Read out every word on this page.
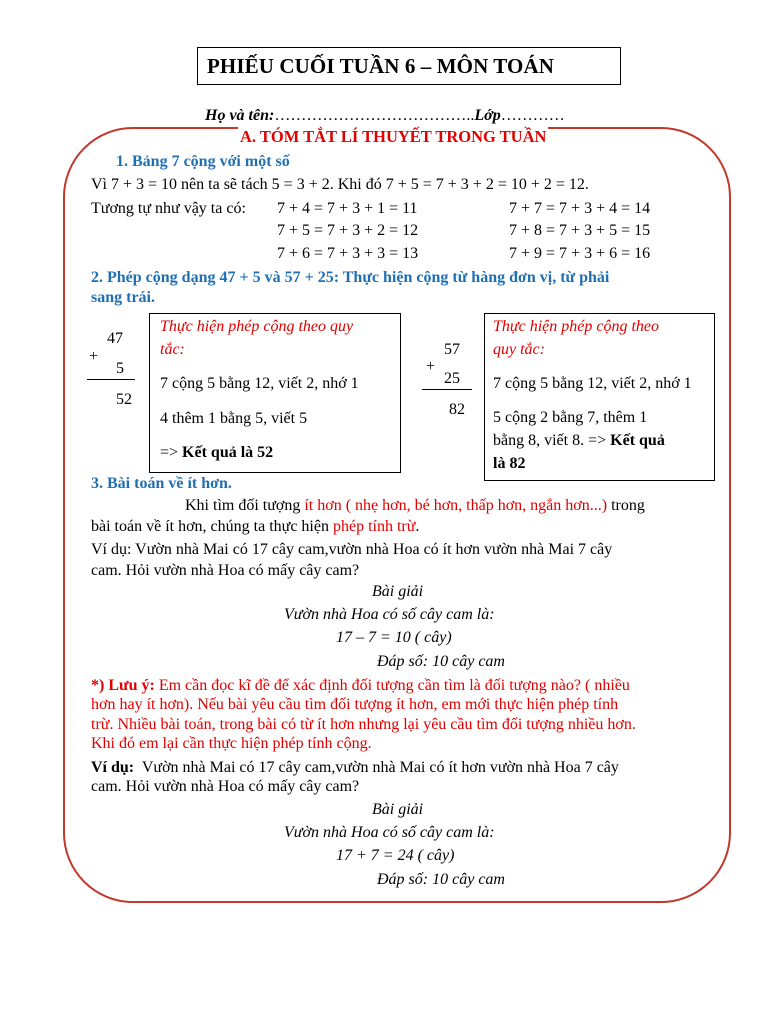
PHIẾU CUỐI TUẦN 6 – MÔN TOÁN
Họ và tên:………………………………..Lớp…………
A. TÓM TẮT LÍ THUYẾT TRONG TUẦN
1. Bảng 7 cộng với một số
Vì 7 + 3 = 10 nên ta sẽ tách 5 = 3 + 2. Khi đó 7 + 5 = 7 + 3 + 2 = 10 + 2 = 12.
Tương tự như vậy ta có: 7 + 4 = 7 + 3 + 1 = 11
7 + 5 = 7 + 3 + 2 = 12
7 + 6 = 7 + 3 + 3 = 13
7 + 7 = 7 + 3 + 4 = 14
7 + 8 = 7 + 3 + 5 = 15
7 + 9 = 7 + 3 + 6 = 16
2. Phép cộng dạng 47 + 5 và 57 + 25: Thực hiện cộng từ hàng đơn vị, từ phải
sang trái.
47
+
5
52
Thực hiện phép cộng theo quy
tắc:
7 cộng 5 bằng 12, viết 2, nhớ 1
4 thêm 1 bằng 5, viết 5
=> Kết quả là 52
57
+
25
82
Thực hiện phép cộng theo
quy tắc:
7 cộng 5 bằng 12, viết 2, nhớ 1
5 cộng 2 bằng 7, thêm 1
bằng 8, viết 8. => Kết quả
là 82
3. Bài toán về ít hơn.
Khi tìm đối tượng ít hơn ( nhẹ hơn, bé hơn, thấp hơn, ngắn hơn...) trong
bài toán về ít hơn, chúng ta thực hiện phép tính trừ.
Ví dụ: Vườn nhà Mai có 17 cây cam,vườn nhà Hoa có ít hơn vườn nhà Mai 7 cây
cam. Hỏi vườn nhà Hoa có mấy cây cam?
Bài giải
Vườn nhà Hoa có số cây cam là:
17 – 7 = 10 ( cây)
Đáp số: 10 cây cam
*) Lưu ý: Em cần đọc kĩ đề để xác định đối tượng cần tìm là đối tượng nào? ( nhiều
hơn hay ít hơn). Nếu bài yêu cầu tìm đối tượng ít hơn, em mới thực hiện phép tính
trừ. Nhiều bài toán, trong bài có từ ít hơn nhưng lại yêu cầu tìm đối tượng nhiều hơn.
Khi đó em lại cần thực hiện phép tính cộng.
Ví dụ:  Vườn nhà Mai có 17 cây cam,vườn nhà Mai có ít hơn vườn nhà Hoa 7 cây
cam. Hỏi vườn nhà Hoa có mấy cây cam?
Bài giải
Vườn nhà Hoa có số cây cam là:
17 + 7 = 24 ( cây)
Đáp số: 10 cây cam
